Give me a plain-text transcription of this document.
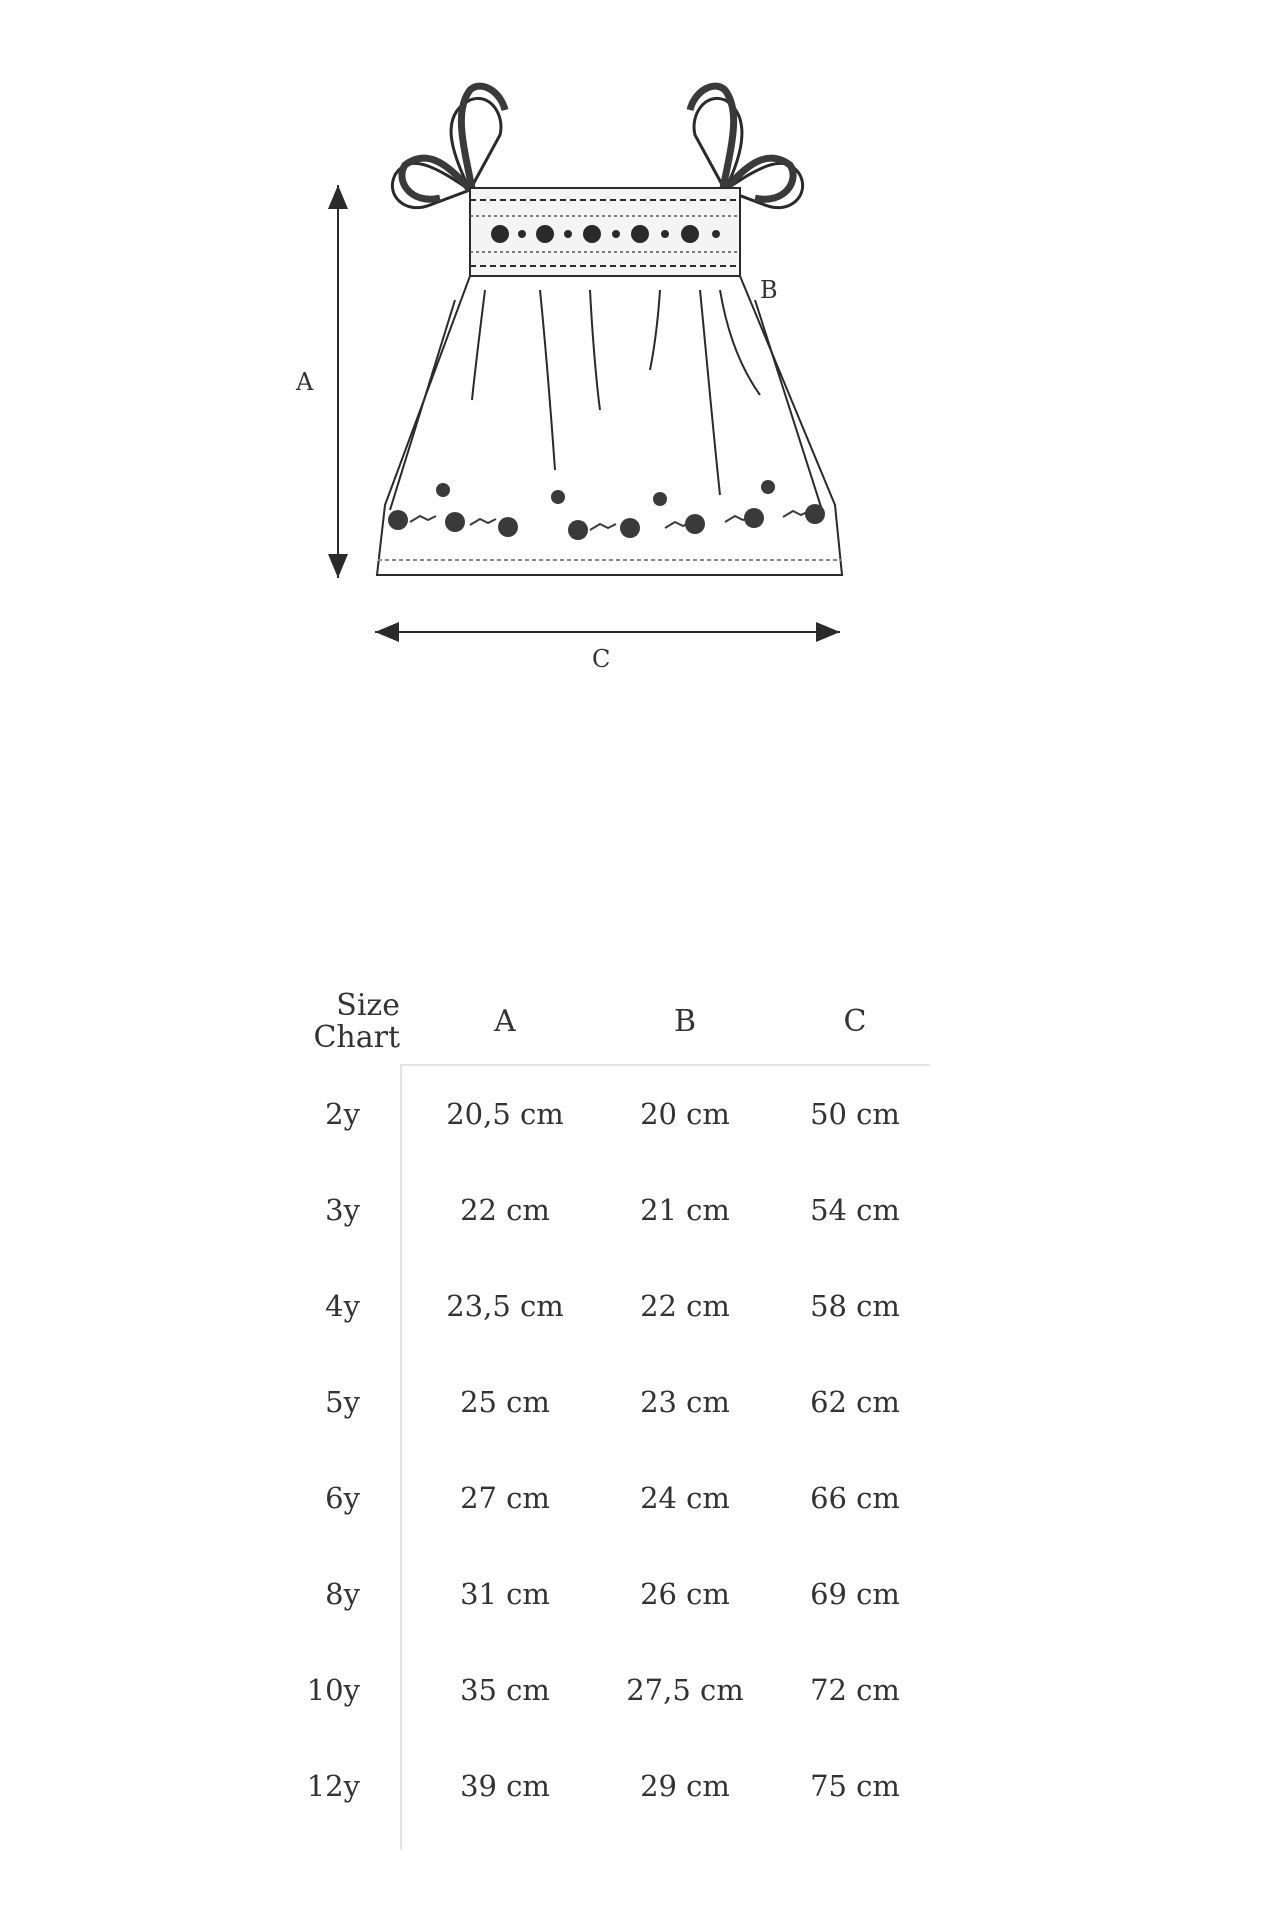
A
B
C
Size
Chart	A	B	C
2y	20,5 cm	20 cm	50 cm
3y	22 cm	21 cm	54 cm
4y	23,5 cm	22 cm	58 cm
5y	25 cm	23 cm	62 cm
6y	27 cm	24 cm	66 cm
8y	31 cm	26 cm	69 cm
10y	35 cm	27,5 cm	72 cm
12y	39 cm	29 cm	75 cm
